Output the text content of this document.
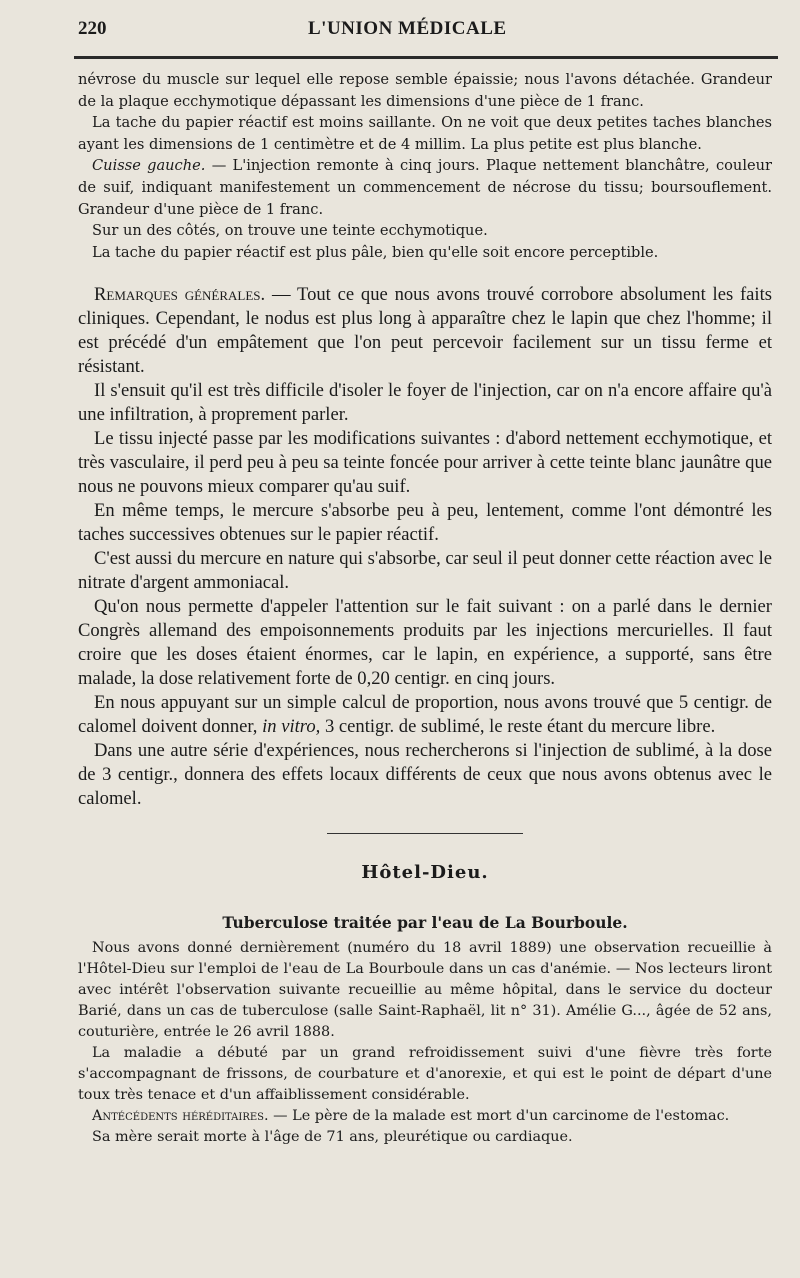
220	L'UNION MÉDICALE

névrose du muscle sur lequel elle repose semble épaissie; nous l'avons détachée. Grandeur de la plaque ecchymotique dépassant les dimensions d'une pièce de 1 franc.

La tache du papier réactif est moins saillante. On ne voit que deux petites taches blanches ayant les dimensions de 1 centimètre et de 4 millim. La plus petite est plus blanche.

Cuisse gauche. — L'injection remonte à cinq jours. Plaque nettement blanchâtre, couleur de suif, indiquant manifestement un commencement de nécrose du tissu; boursouflement. Grandeur d'une pièce de 1 franc.

Sur un des côtés, on trouve une teinte ecchymotique.

La tache du papier réactif est plus pâle, bien qu'elle soit encore perceptible.

Remarques générales. — Tout ce que nous avons trouvé corrobore absolument les faits cliniques. Cependant, le nodus est plus long à apparaître chez le lapin que chez l'homme; il est précédé d'un empâtement que l'on peut percevoir facilement sur un tissu ferme et résistant.

Il s'ensuit qu'il est très difficile d'isoler le foyer de l'injection, car on n'a encore affaire qu'à une infiltration, à proprement parler.

Le tissu injecté passe par les modifications suivantes : d'abord nettement ecchymotique, et très vasculaire, il perd peu à peu sa teinte foncée pour arriver à cette teinte blanc jaunâtre que nous ne pouvons mieux comparer qu'au suif.

En même temps, le mercure s'absorbe peu à peu, lentement, comme l'ont démontré les taches successives obtenues sur le papier réactif.

C'est aussi du mercure en nature qui s'absorbe, car seul il peut donner cette réaction avec le nitrate d'argent ammoniacal.

Qu'on nous permette d'appeler l'attention sur le fait suivant : on a parlé dans le dernier Congrès allemand des empoisonnements produits par les injections mercurielles. Il faut croire que les doses étaient énormes, car le lapin, en expérience, a supporté, sans être malade, la dose relativement forte de 0,20 centigr. en cinq jours.

En nous appuyant sur un simple calcul de proportion, nous avons trouvé que 5 centigr. de calomel doivent donner, in vitro, 3 centigr. de sublimé, le reste étant du mercure libre.

Dans une autre série d'expériences, nous rechercherons si l'injection de sublimé, à la dose de 3 centigr., donnera des effets locaux différents de ceux que nous avons obtenus avec le calomel.

Hôtel-Dieu.
Tuberculose traitée par l'eau de La Bourboule.

Nous avons donné dernièrement (numéro du 18 avril 1889) une observation recueillie à l'Hôtel-Dieu sur l'emploi de l'eau de La Bourboule dans un cas d'anémie. — Nos lecteurs liront avec intérêt l'observation suivante recueillie au même hôpital, dans le service du docteur Barié, dans un cas de tuberculose (salle Saint-Raphaël, lit n° 31). Amélie G..., âgée de 52 ans, couturière, entrée le 26 avril 1888.

La maladie a débuté par un grand refroidissement suivi d'une fièvre très forte s'accompagnant de frissons, de courbature et d'anorexie, et qui est le point de départ d'une toux très tenace et d'un affaiblissement considérable.

Antécédents héréditaires. — Le père de la malade est mort d'un carcinome de l'estomac.

Sa mère serait morte à l'âge de 71 ans, pleurétique ou cardiaque.
